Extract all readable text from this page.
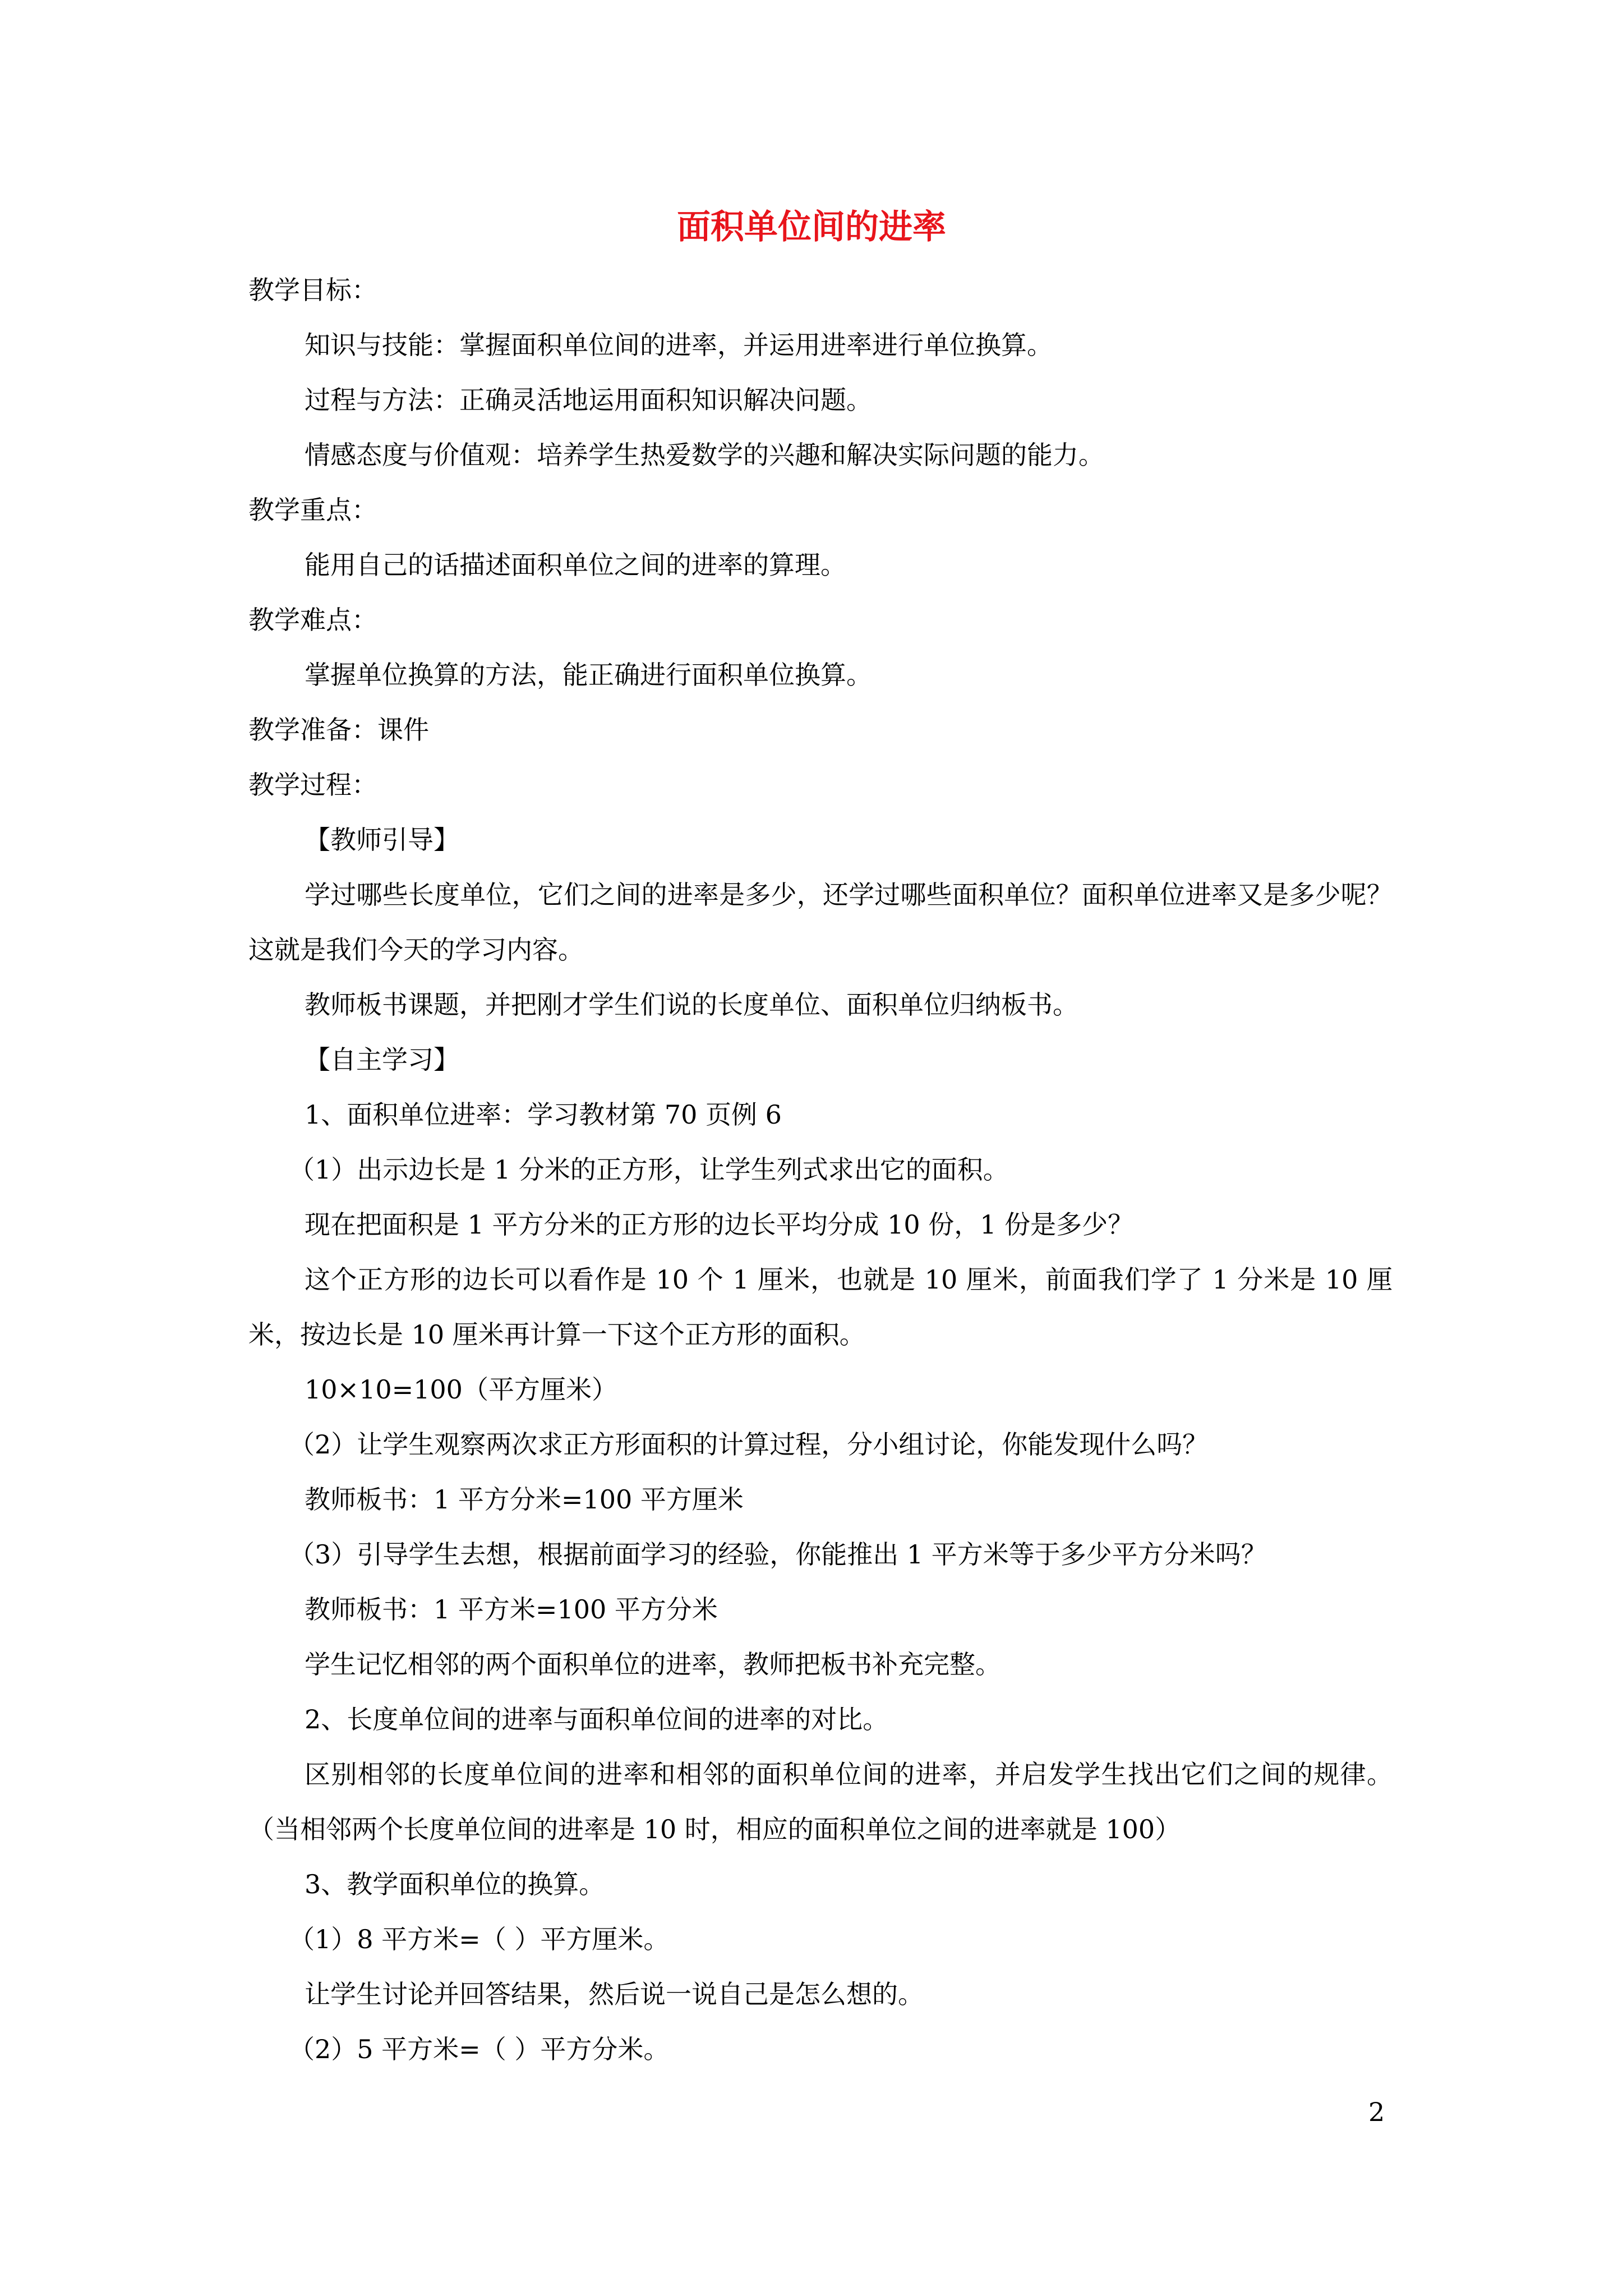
面积单位间的进率

教学目标：

知识与技能：掌握面积单位间的进率，并运用进率进行单位换算。

过程与方法：正确灵活地运用面积知识解决问题。

情感态度与价值观：培养学生热爱数学的兴趣和解决实际问题的能力。

教学重点：

能用自己的话描述面积单位之间的进率的算理。

教学难点：

掌握单位换算的方法，能正确进行面积单位换算。

教学准备：课件

教学过程：

【教师引导】

学过哪些长度单位，它们之间的进率是多少，还学过哪些面积单位？面积单位进率又是多少呢？这就是我们今天的学习内容。

教师板书课题，并把刚才学生们说的长度单位、面积单位归纳板书。

【自主学习】

1、面积单位进率：学习教材第 70 页例 6

（1）出示边长是 1 分米的正方形，让学生列式求出它的面积。

现在把面积是 1 平方分米的正方形的边长平均分成 10 份，1 份是多少？

这个正方形的边长可以看作是 10 个 1 厘米，也就是 10 厘米，前面我们学了 1 分米是 10 厘米，按边长是 10 厘米再计算一下这个正方形的面积。

10×10=100（平方厘米）

（2）让学生观察两次求正方形面积的计算过程，分小组讨论，你能发现什么吗？

教师板书：1 平方分米=100 平方厘米

（3）引导学生去想，根据前面学习的经验，你能推出 1 平方米等于多少平方分米吗？

教师板书：1 平方米=100 平方分米

学生记忆相邻的两个面积单位的进率，教师把板书补充完整。

2、长度单位间的进率与面积单位间的进率的对比。

区别相邻的长度单位间的进率和相邻的面积单位间的进率，并启发学生找出它们之间的规律。（当相邻两个长度单位间的进率是 10 时，相应的面积单位之间的进率就是 100）

3、教学面积单位的换算。

（1）8 平方米=（ ）平方厘米。

让学生讨论并回答结果，然后说一说自己是怎么想的。

（2）5 平方米=（ ）平方分米。

2
